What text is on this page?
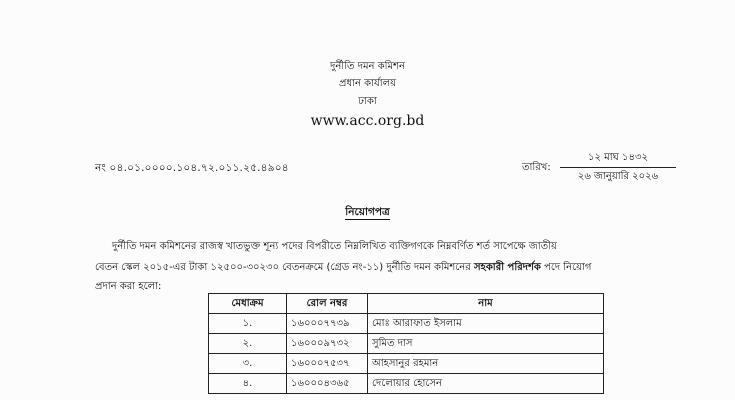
দুর্নীতি দমন কমিশন
প্রধান কার্যালয়
ঢাকা
www.acc.org.bd
নং ০৪.০১.০০০০.১০৪.৭২.০১১.২৫.৪৯০৪	তারিখ:
১২ মাঘ ১৪৩২
২৬ জানুয়ারি ২০২৬
নিয়োগপত্র
দুর্নীতি দমন কমিশনের রাজস্ব খাতভুক্ত শূন্য পদের বিপরীতে নিম্নলিখিত ব্যক্তিগণকে নিম্নবর্ণিত শর্ত সাপেক্ষে জাতীয়
বেতন স্কেল ২০১৫-এর টাকা ১২৫০০-৩০২৩০ বেতনক্রমে (গ্রেড নং-১১) দুর্নীতি দমন কমিশনের সহকারী পরিদর্শক পদে নিয়োগ
প্রদান করা হলো:
মেধাক্রম	রোল নম্বর	নাম
১.	১৬০০০৭৭৩৯	মোঃ আরাফাত ইসলাম
২.	১৬০০০৯৭৩২	সুমিত দাস
৩.	১৬০০০৭৫৩৭	আহসানুর রহমান
৪.	১৬০০০৪৩৬৫	দেলোয়ার হোসেন
